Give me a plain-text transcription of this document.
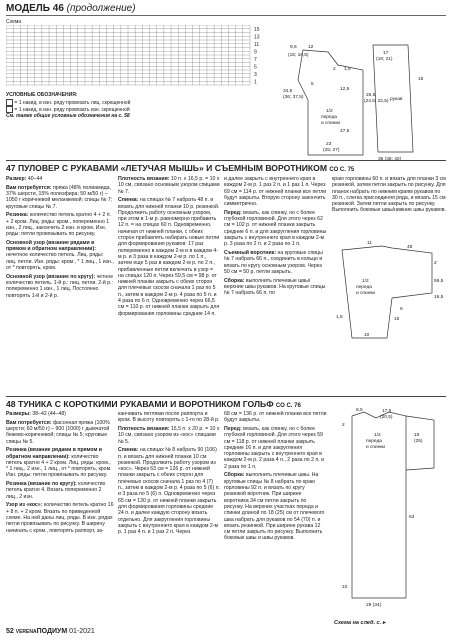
МОДЕЛЬ 46 (продолжение)
Схема
15
13
11
9
7
5
3
1
УСЛОВНЫЕ ОБОЗНАЧЕНИЯ:
= 1 накид, в изн. ряду провязать лиц. скрещенной
= 1 накид, в изн. ряду провязать изн. скрещенной
См. также общие условные обозначения на с. 58
9,5 12
17
(18; 21)
(15; 16,5)
2 1,5
34,5
(36; 37,5)
12,5
1/2
переда
и спинки
5
26,5
(24,5; 22,5)
47,5
23
(25; 27)
16
рукав
47 ПУЛОВЕР С РУКАВАМИ «ЛЕТУЧАЯ МЫШЬ» И СЪЕМНЫМ ВОРОТНИКОМ СО С. 75

Размер: 40–44

Вам потребуется: пряжа (48% полиамида, 37% шерсти, 15% полиэфира; 50 м/50 г) – 1050 г коричневой меланжевой; спицы № 7; круговые спицы № 7.

Резинка: количество петель кратно 4 + 2 п. + 2 кром. Лиц. ряды: кром., попеременно 1 изн., 2 лиц., закончить 2 изн. и кром. Изн. ряды: петли провязывать по рисунку.

Основной узор (вязание рядами в прямом и обратном направлении): нечетное количество петель. Лиц. ряды: лиц. петли. Изн. ряды: кром., * 1 лиц., 1 изн., от * повторять, кром.

Основной узор (вязание по кругу): четное количество петель. 1-й р.: лиц. петли. 2-й р.: попеременно 1 изн., 1 лиц. Постоянно повторять 1-й и 2-й р.

Плотность вязания: 10 п. х 16,5 р. = 10 х 10 см, связано основным узором спицами № 7.

Спинка: на спицах № 7 набрать 48 п. и вязать для нижней планки 10 р. резинкой. Продолжить работу основным узором, при этом в 1-м р. равномерно прибавить 12 п. = на спицах 60 п. Одновременно, начиная от нижней планки, с обеих сторон прибавлять набирать новые петли для формирования рукавов: 17 раз попеременно в каждом 2-м и в каждом 4-м р. и 3 раза в каждом 2-м р. по 1 п., затем еще 5 раз в каждом 2-м р. по 2 п., прибавленные петли включать в узор = на спицах 120 п. Через 59,5 см = 98 р. от нижней планки закрыть с обеих сторон для плечевых скосов сначала 1 раз по 5 п., затем в каждом 2-м р. 4 раза по 5 п. и 4 раза по 6 п. Одновременно через 66,5 см = 110 р. от нижней планки закрыть для формирования горловины средние 14 п.

и далее закрыть с внутреннего края в каждом 2-м р. 1 раз 2 п. и 1 раз 1 п. Через 69 см = 114 р. от нижней планки все петли будут закрыты. Вторую сторону закончить симметрично.

Перед: вязать, как спинку, но с более глубокой горловиной. Для этого через 62 см = 102 р. от нижней планки закрыть средние 6 п. и для закругления горловины закрыть с внутреннего края в каждом 2-м р. 3 раза по 2 п. и 2 раза по 1 п.

Съемный воротник: на круговые спицы № 7 набрать 66 п., соединить в кольцо и вязать по кругу основным узором. Через 50 см = 50 р. петли закрыть.

Сборка: выполнить плечевые швы/верхние швы рукавов. На круговые спицы № 7 набрать 66 п. по

краю горловины 60 п. и вязать для планки 3 см резинкой, затем петли закрыть по рисунку. Для планок набрать по нижним краям рукавов по 30 п., слегка присоединяя ряда, и вязать 15 см резинкой. Затем петли закрыть по рисунку. Выполнить боковые швы/нижние швы рукавов.

11
48
1/2
переда
и спинки
2
59,5
16,5
6
15
1,5
10
48 ТУНИКА С КОРОТКИМИ РУКАВАМИ И ВОРОТНИКОМ ГОЛЬФ СО С. 76

Размеры: 38–42 (44–48)

Вам потребуется: фасонная пряжа (100% шерсти; 60 м/50 г) – 900 (1000) г дымчатой бежево-коричневой; спицы № 5; круговые спицы № 5.

Резинка (вязание рядами в прямом и обратном направлении): количество петель кратно 4 + 2 кром. Лиц. ряды: кром., * 1 лиц., 2 изн., 1 лиц., от * повторять, кром. Изн. ряды: петли провязывать по рисунку.

Резинка (вязание по кругу): количество петель кратно 4. Вязать попеременно 2 лиц., 2 изн.

Узор из «кос»: количество петель кратно 16 + 8 п. + 2 кром. Вязать по приведенной схеме. На ней даны лиц. ряды. В изн. рядах петли провязывать по рисунку. В ширину начинать с кром., повторять раппорт, за-

канчивать петлями после раппорта и кром. В высоту повторять с 1-го по 28-й р.

Плотность вязания: 15,5 п. х 20 р. = 10 х 10 см, связано узором из «кос» спицами № 5.

Спинка: на спицах № 8 набрать 90 (106) п. и вязать для нижней планки 10 см резинкой. Продолжить работу узором из «кос». Через 63 см = 126 р. от нижней планки закрыть с обеих сторон для плечевых скосов сначала 1 раз по 4 (7) п., затем в каждом 2-м р. 4 раза по 5 (6) п. и 3 раза по 5 (6) п. Одновременно через 65 см = 130 р. от нижней планки закрыть для формирования горловины средние 24 п. и далее каждую сторону вязать отдельно. Для закругления горловины закрыть с внутреннего края в каждом 2-м р. 1 раз 4 п. и 1 раз 2 п. Через

68 см = 136 р. от нижней планки все петли будут закрыты.

Перед: вязать, как спинку, но с более глубокой горловиной. Для этого через 59 см = 118 р. от нижней планки закрыть средние 16 п. и для закругления горловины закрыть с внутреннего края в каждом 2-м р. 2 раза 4 п., 2 раза по 2 п. и 2 раза по 1 п.

Сборка: выполнить плечевые швы. На круговые спицы № 8 набрать по краю горловины 92 п. и вязать по кругу резинкой воротник. При ширине воротника 34 см петли закрыть по рисунку. На верхних участках переда и спинки длиной по 18 (25) см от плечевого шва набрать для рукавов по 54 (70) п. и вязать резинкой. При ширине рукава 12 см петли закрыть по рисунку. Выполнить боковые швы и швы рукавов.

8,5	17,5
(20,5)
18
(25)
2
63
1/2
переда
и спинки
10
29 (34)
Схема на след. с. ▸
52 VERENAПОДИУМ 01-2021
